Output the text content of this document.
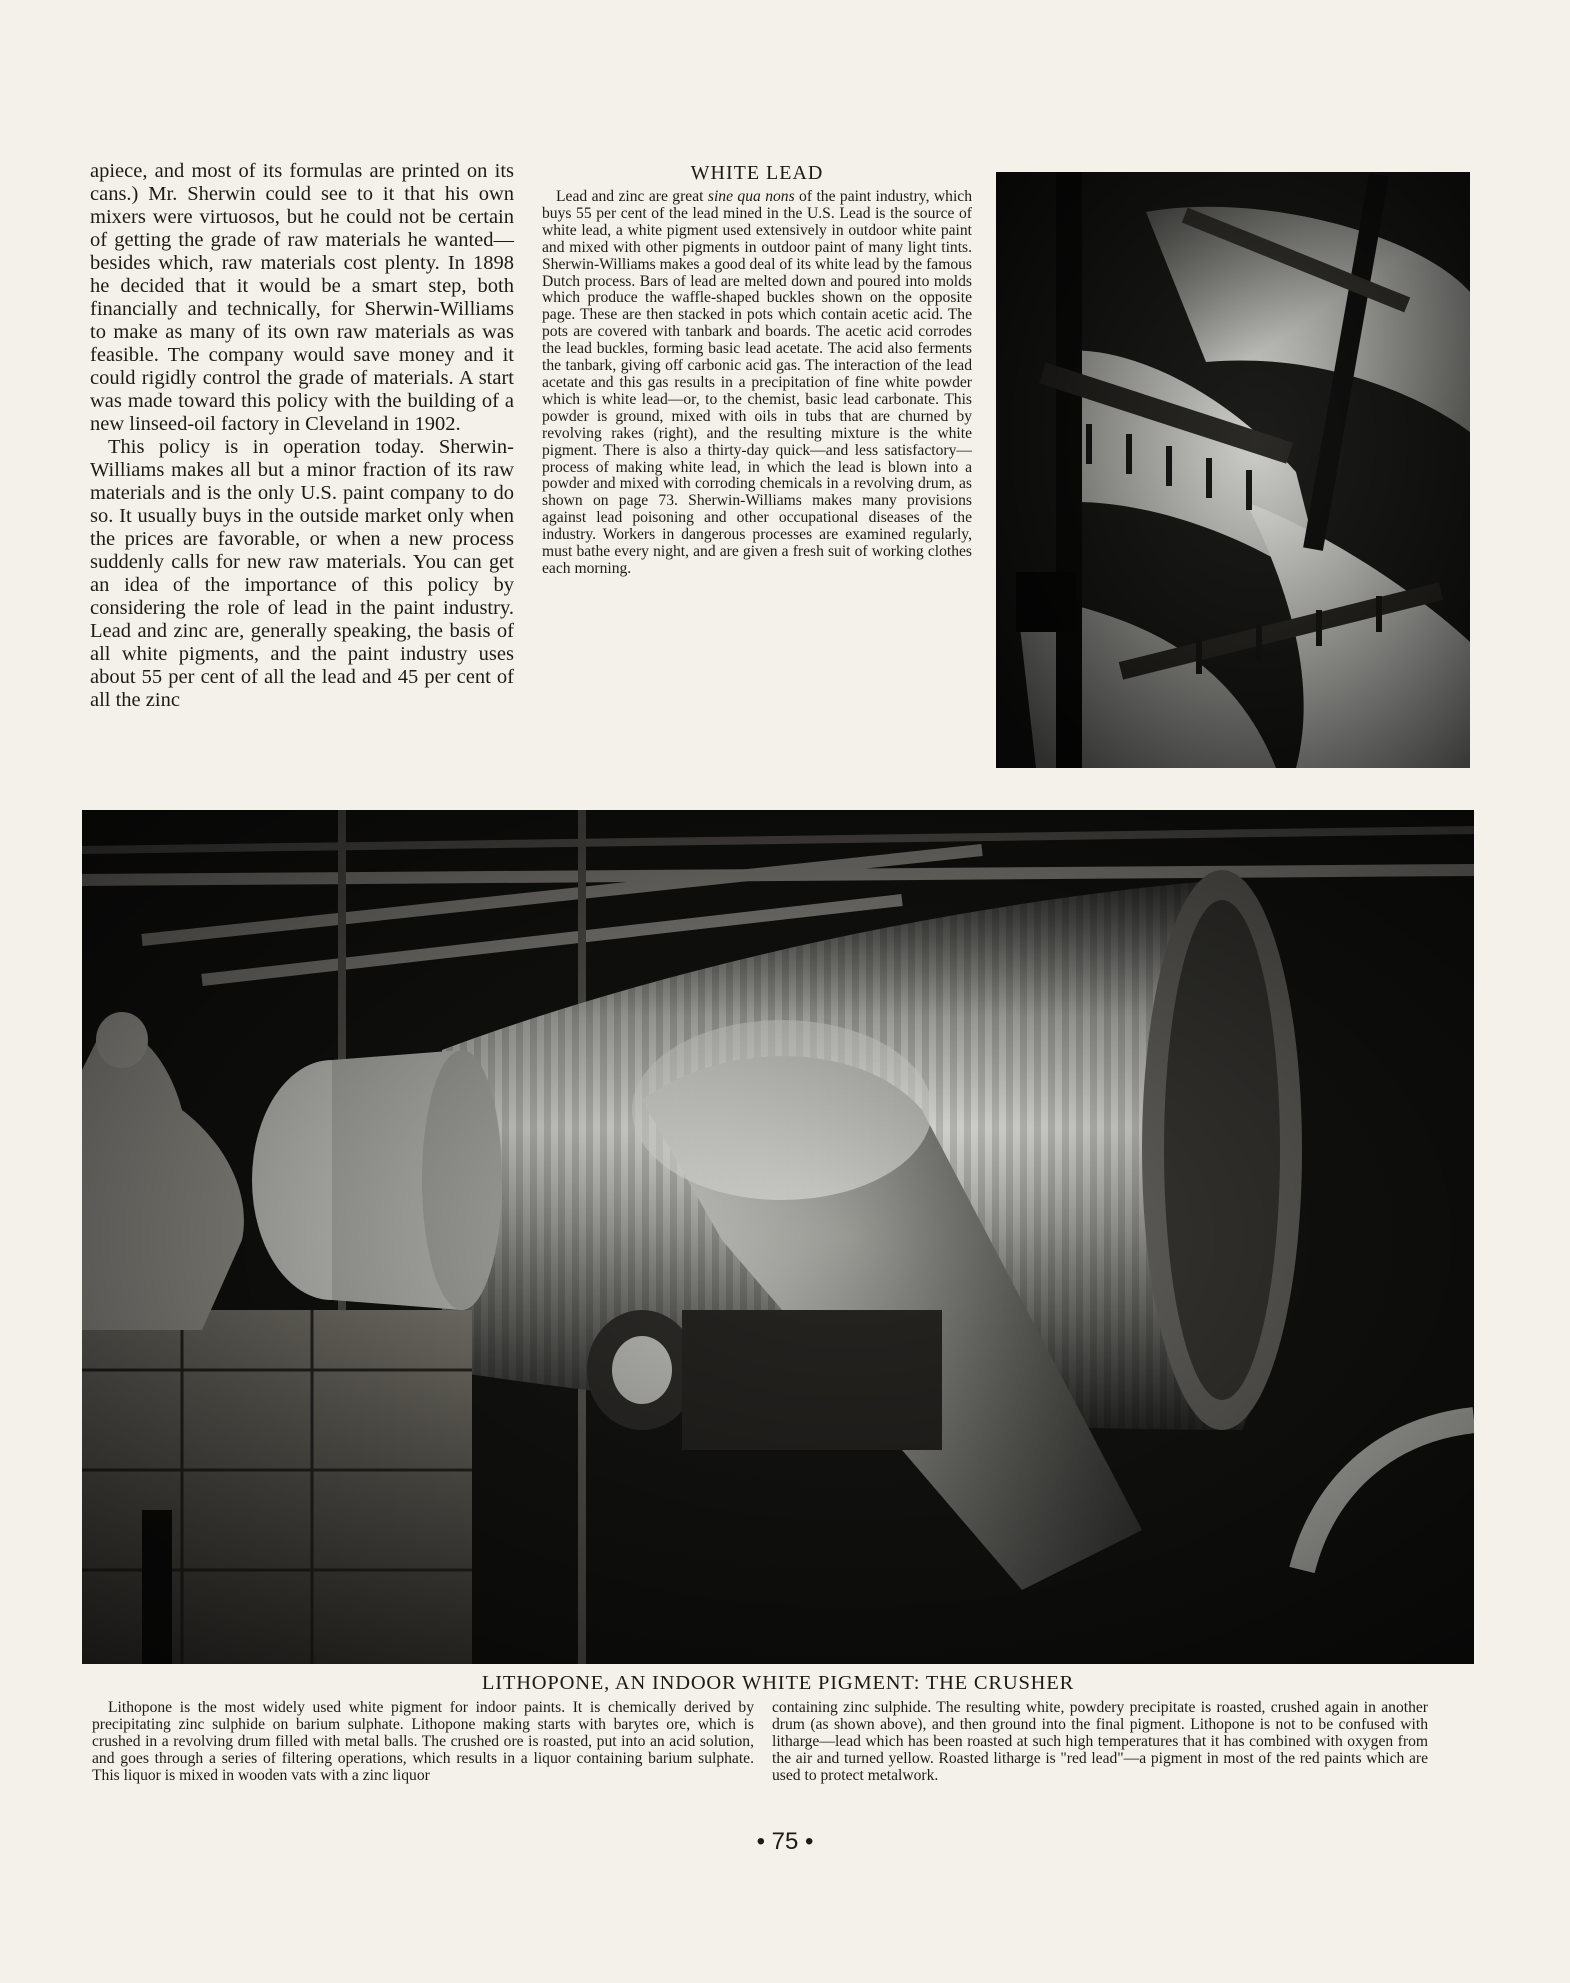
apiece, and most of its formulas are printed on its cans.) Mr. Sherwin could see to it that his own mixers were virtuosos, but he could not be certain of getting the grade of raw materials he wanted—besides which, raw materials cost plenty. In 1898 he decided that it would be a smart step, both financially and technically, for Sherwin-Williams to make as many of its own raw materials as was feasible. The company would save money and it could rigidly control the grade of materials. A start was made toward this policy with the building of a new linseed-oil factory in Cleveland in 1902.

This policy is in operation today. Sherwin-Williams makes all but a minor fraction of its raw materials and is the only U.S. paint company to do so. It usually buys in the outside market only when the prices are favorable, or when a new process suddenly calls for new raw materials. You can get an idea of the importance of this policy by considering the role of lead in the paint industry. Lead and zinc are, generally speaking, the basis of all white pigments, and the paint industry uses about 55 per cent of all the lead and 45 per cent of all the zinc

WHITE LEAD

Lead and zinc are great sine qua nons of the paint industry, which buys 55 per cent of the lead mined in the U.S. Lead is the source of white lead, a white pigment used extensively in outdoor white paint and mixed with other pigments in outdoor paint of many light tints. Sherwin-Williams makes a good deal of its white lead by the famous Dutch process. Bars of lead are melted down and poured into molds which produce the waffle-shaped buckles shown on the opposite page. These are then stacked in pots which contain acetic acid. The pots are covered with tanbark and boards. The acetic acid corrodes the lead buckles, forming basic lead acetate. The acid also ferments the tanbark, giving off carbonic acid gas. The interaction of the lead acetate and this gas results in a precipitation of fine white powder which is white lead—or, to the chemist, basic lead carbonate. This powder is ground, mixed with oils in tubs that are churned by revolving rakes (right), and the resulting mixture is the white pigment. There is also a thirty-day quick—and less satisfactory—process of making white lead, in which the lead is blown into a powder and mixed with corroding chemicals in a revolving drum, as shown on page 73. Sherwin-Williams makes many provisions against lead poisoning and other occupational diseases of the industry. Workers in dangerous processes are examined regularly, must bathe every night, and are given a fresh suit of working clothes each morning.

LITHOPONE, AN INDOOR WHITE PIGMENT: THE CRUSHER

Lithopone is the most widely used white pigment for indoor paints. It is chemically derived by precipitating zinc sulphide on barium sulphate. Lithopone making starts with barytes ore, which is crushed in a revolving drum filled with metal balls. The crushed ore is roasted, put into an acid solution, and goes through a series of filtering operations, which results in a liquor containing barium sulphate. This liquor is mixed in wooden vats with a zinc liquor

containing zinc sulphide. The resulting white, powdery precipitate is roasted, crushed again in another drum (as shown above), and then ground into the final pigment. Lithopone is not to be confused with litharge—lead which has been roasted at such high temperatures that it has combined with oxygen from the air and turned yellow. Roasted litharge is "red lead"—a pigment in most of the red paints which are used to protect metalwork.

• 75 •
